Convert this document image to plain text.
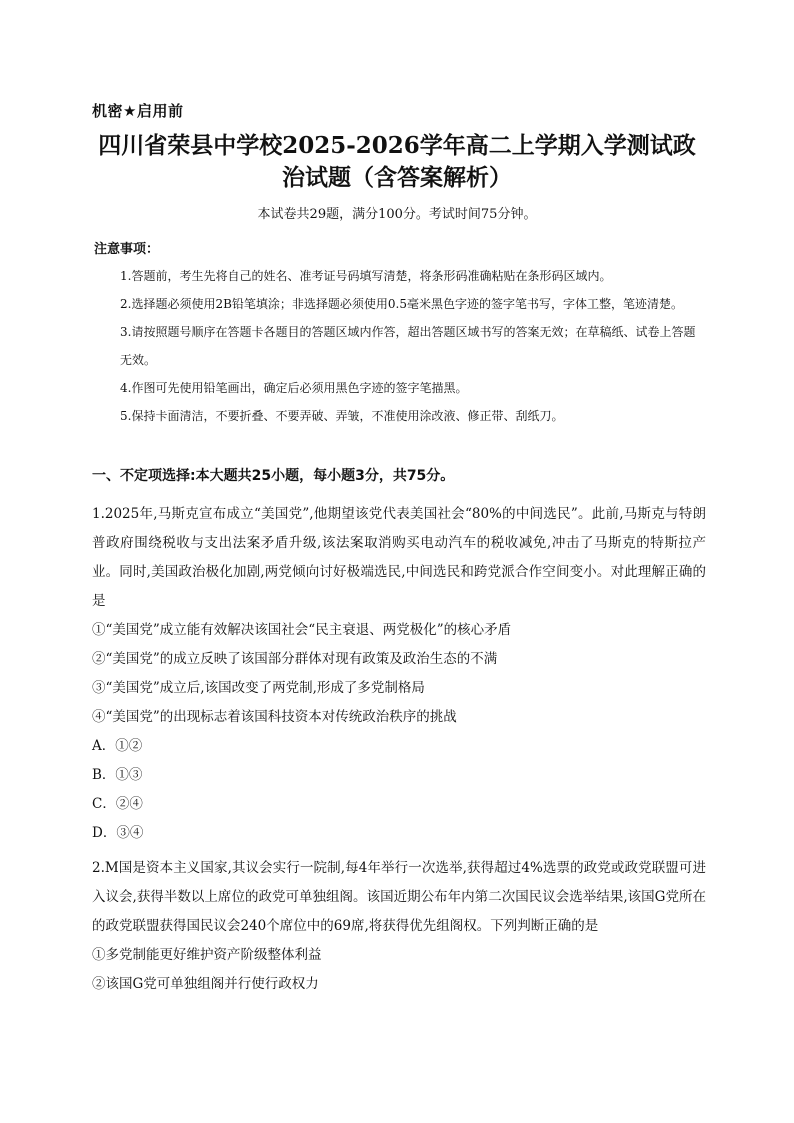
机密★启用前
四川省荣县中学校2025-2026学年高二上学期入学测试政
治试题（含答案解析）
本试卷共29题，满分100分。考试时间75分钟。
注意事项：
1.答题前，考生先将自己的姓名、准考证号码填写清楚，将条形码准确粘贴在条形码区域内。
2.选择题必须使用2B铅笔填涂；非选择题必须使用0.5毫米黑色字迹的签字笔书写，字体工整，笔迹清楚。
3.请按照题号顺序在答题卡各题目的答题区域内作答，超出答题区域书写的答案无效；在草稿纸、试卷上答题无效。
4.作图可先使用铅笔画出，确定后必须用黑色字迹的签字笔描黑。
5.保持卡面清洁，不要折叠、不要弄破、弄皱，不准使用涂改液、修正带、刮纸刀。
一、不定项选择:本大题共25小题，每小题3分，共75分。

1.2025年,马斯克宣布成立“美国党”,他期望该党代表美国社会“80%的中间选民”。此前,马斯克与特朗普政府围绕税收与支出法案矛盾升级,该法案取消购买电动汽车的税收减免,冲击了马斯克的特斯拉产业。同时,美国政治极化加剧,两党倾向讨好极端选民,中间选民和跨党派合作空间变小。对此理解正确的是

①“美国党”成立能有效解决该国社会“民主衰退、两党极化”的核心矛盾

②“美国党”的成立反映了该国部分群体对现有政策及政治生态的不满

③“美国党”成立后,该国改变了两党制,形成了多党制格局

④“美国党”的出现标志着该国科技资本对传统政治秩序的挑战

A．①②

B．①③

C．②④

D．③④

2.M国是资本主义国家,其议会实行一院制,每4年举行一次选举,获得超过4%选票的政党或政党联盟可进入议会,获得半数以上席位的政党可单独组阁。该国近期公布年内第二次国民议会选举结果,该国G党所在的政党联盟获得国民议会240个席位中的69席,将获得优先组阁权。下列判断正确的是

①多党制能更好维护资产阶级整体利益

②该国G党可单独组阁并行使行政权力
